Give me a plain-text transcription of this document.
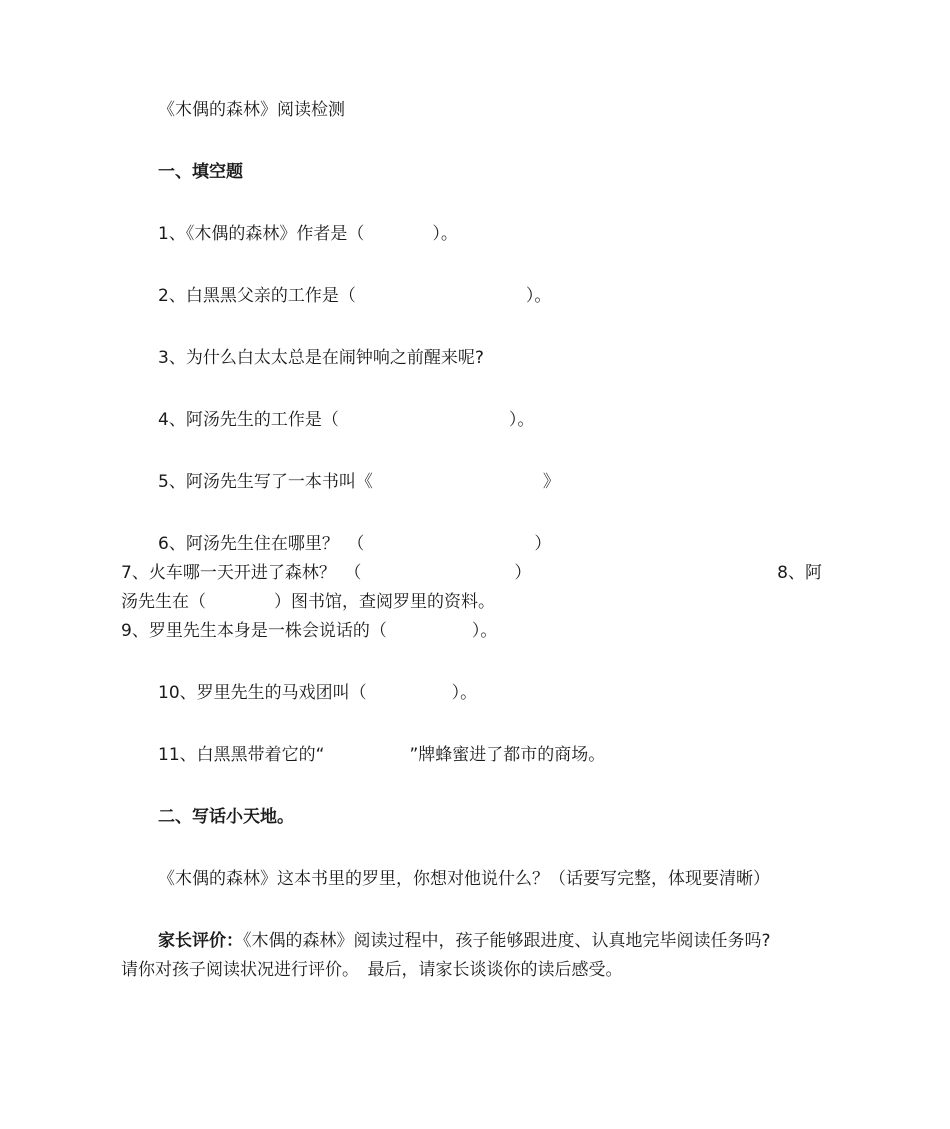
《木偶的森林》阅读检测
一、填空题
1、《木偶的森林》作者是（　　　　）。
2、白黑黑父亲的工作是（　　　　　　　　　　）。
3、为什么白太太总是在闹钟响之前醒来呢?
4、阿汤先生的工作是（　　　　　　　　　　）。
5、阿汤先生写了一本书叫《　　　　　　　　　　》
6、阿汤先生住在哪里？　（　　　　　　　　　　）
7、火车哪一天开进了森林？　（　　　　　　　　　）	8、阿
汤先生在（　　　　）图书馆，查阅罗里的资料。
9、罗里先生本身是一株会说话的（　　　　　）。
10、罗里先生的马戏团叫（　　　　　）。
11、白黑黑带着它的“　　　　　”牌蜂蜜进了都市的商场。
二、写话小天地。
《木偶的森林》这本书里的罗里，你想对他说什么？（话要写完整，体现要清晰）
家长评价：《木偶的森林》阅读过程中，孩子能够跟进度、认真地完毕阅读任务吗?
请你对孩子阅读状况进行评价。　最后，请家长谈谈你的读后感受。
